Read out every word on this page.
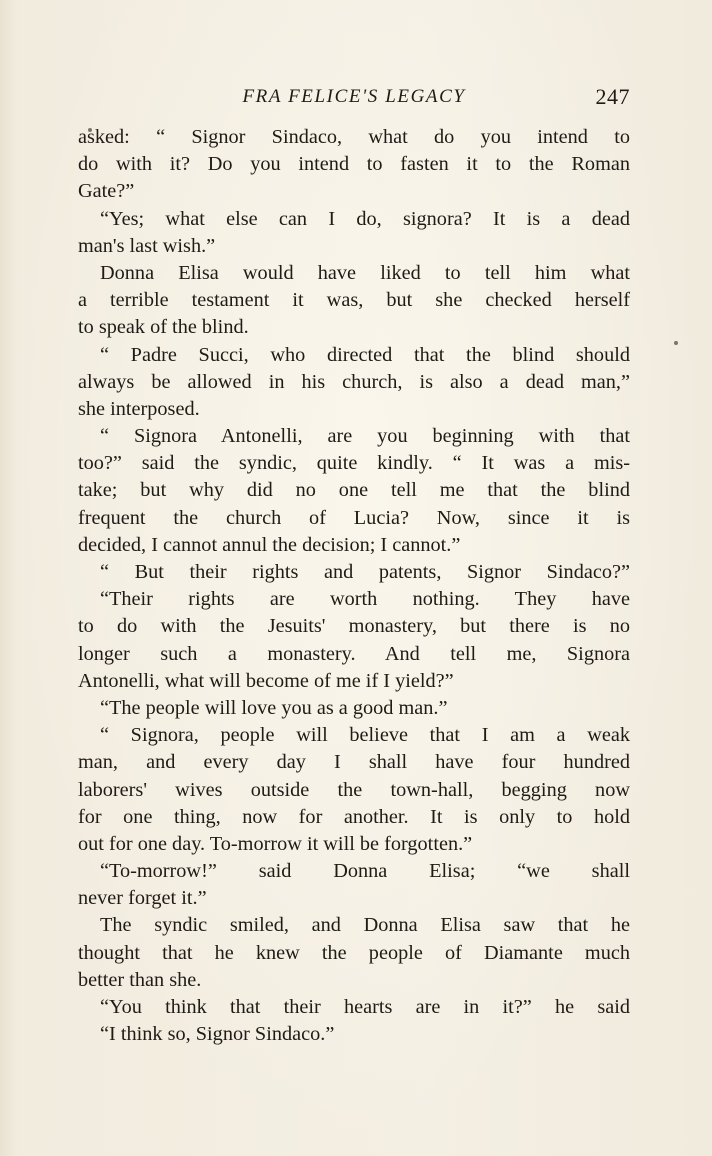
FRA FELICE'S LEGACY	247
asked: “ Signor Sindaco, what do you intend to
do with it? Do you intend to fasten it to the Roman
Gate?”
“Yes; what else can I do, signora? It is a dead
man's last wish.”
Donna Elisa would have liked to tell him what
a terrible testament it was, but she checked herself
to speak of the blind.
“ Padre Succi, who directed that the blind should
always be allowed in his church, is also a dead man,”
she interposed.
“ Signora Antonelli, are you beginning with that
too?” said the syndic, quite kindly. “ It was a mis-
take; but why did no one tell me that the blind
frequent the church of Lucia? Now, since it is
decided, I cannot annul the decision; I cannot.”
“ But their rights and patents, Signor Sindaco?”
“Their rights are worth nothing. They have
to do with the Jesuits' monastery, but there is no
longer such a monastery. And tell me, Signora
Antonelli, what will become of me if I yield?”
“The people will love you as a good man.”
“ Signora, people will believe that I am a weak
man, and every day I shall have four hundred
laborers' wives outside the town-hall, begging now
for one thing, now for another. It is only to hold
out for one day. To-morrow it will be forgotten.”
“To-morrow!” said Donna Elisa; “we shall
never forget it.”
The syndic smiled, and Donna Elisa saw that he
thought that he knew the people of Diamante much
better than she.
“You think that their hearts are in it?” he said
“I think so, Signor Sindaco.”
